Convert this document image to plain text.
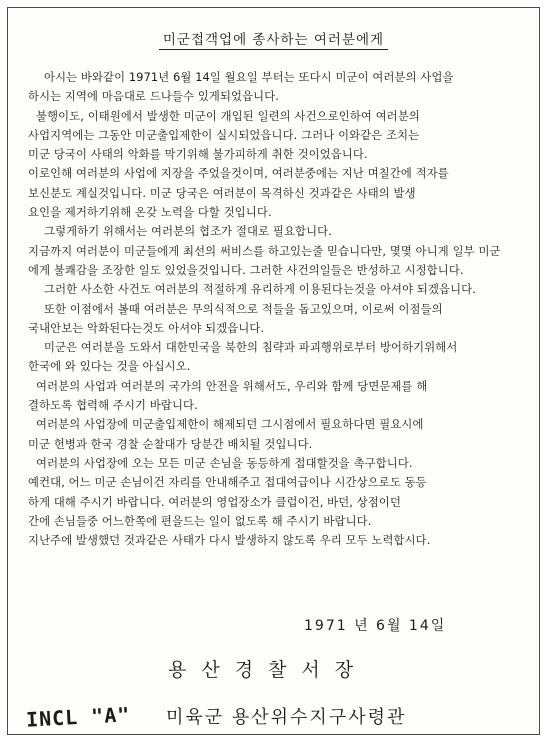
미군접객업에 종사하는 여러분에게

아시는 바와같이 1971년 6월 14일 월요일 부터는 또다시 미군이 여러분의 사업을
하시는 지역에 마음대로 드나들수 있게되었읍니다.

불행이도, 이태원에서 발생한 미군이 개입된 일련의 사건으로인하여 여러분의
사업지역에는 그동안 미군출입제한이 실시되었읍니다. 그러나 이와같은 조치는
미군 당국이 사태의 악화를 막기위해 불가피하게 취한 것이었읍니다.

이로인해 여러분의 사업에 지장을 주었을것이며, 여러분중에는 지난 며칠간에 적자를
보신분도 계실것입니다. 미군 당국은 여러분이 목격하신 것과같은 사태의 발생
요인을 제거하기위해 온갖 노력을 다할 것입니다.

그렇게하기 위해서는 여러분의 협조가 절대로 필요합니다.
지금까지 여러분이 미군들에게 최선의 써비스를 하고있는줄 믿습니다만, 몇몇 아니게 일부 미군
에게 불쾌감을 조장한 일도 있었을것입니다. 그러한 사건의일들은 반성하고 시정합니다.
그러한 사소한 사건도 여러분의 적절하게 유리하게 이용된다는것을 아셔야 되겠읍니다.
또한 이점에서 볼때 여러분은 무의식적으로 적들을 돕고있으며, 이로써 이점들의
국내안보는 악화된다는것도 아셔야 되겠읍니다.

미군은 여러분을 도와서 대한민국을 북한의 침략과 파괴행위로부터 방어하기위해서
한국에 와 있다는 것을 아십시오.

여러분의 사업과 여러분의 국가의 안전을 위해서도, 우리와 함께 당면문제를 해
결하도록 협력해 주시기 바랍니다.

여러분의 사업장에 미군출입제한이 해제되던 그시점에서 필요하다면 필요시에
미군 헌병과 한국 경찰 순찰대가 당분간 배치될 것입니다.

여러분의 사업장에 오는 모든 미군 손님을 동등하게 접대할것을 촉구합니다.
예컨대, 어느 미군 손님이건 자리를 안내해주고 접대여급이나 시간상으로도 동등
하게 대해 주시기 바랍니다. 여러분의 영업장소가 클럽이건, 바던, 상점이던
간에 손님들중 어느한쪽에 편을드는 일이 없도록 해 주시기 바랍니다.
지난주에 발생했던 것과같은 사태가 다시 발생하지 않도록 우리 모두 노력합시다.

1971 년 6월 14일
용산경찰서장
INCL "A" 미육군 용산위수지구사령관
